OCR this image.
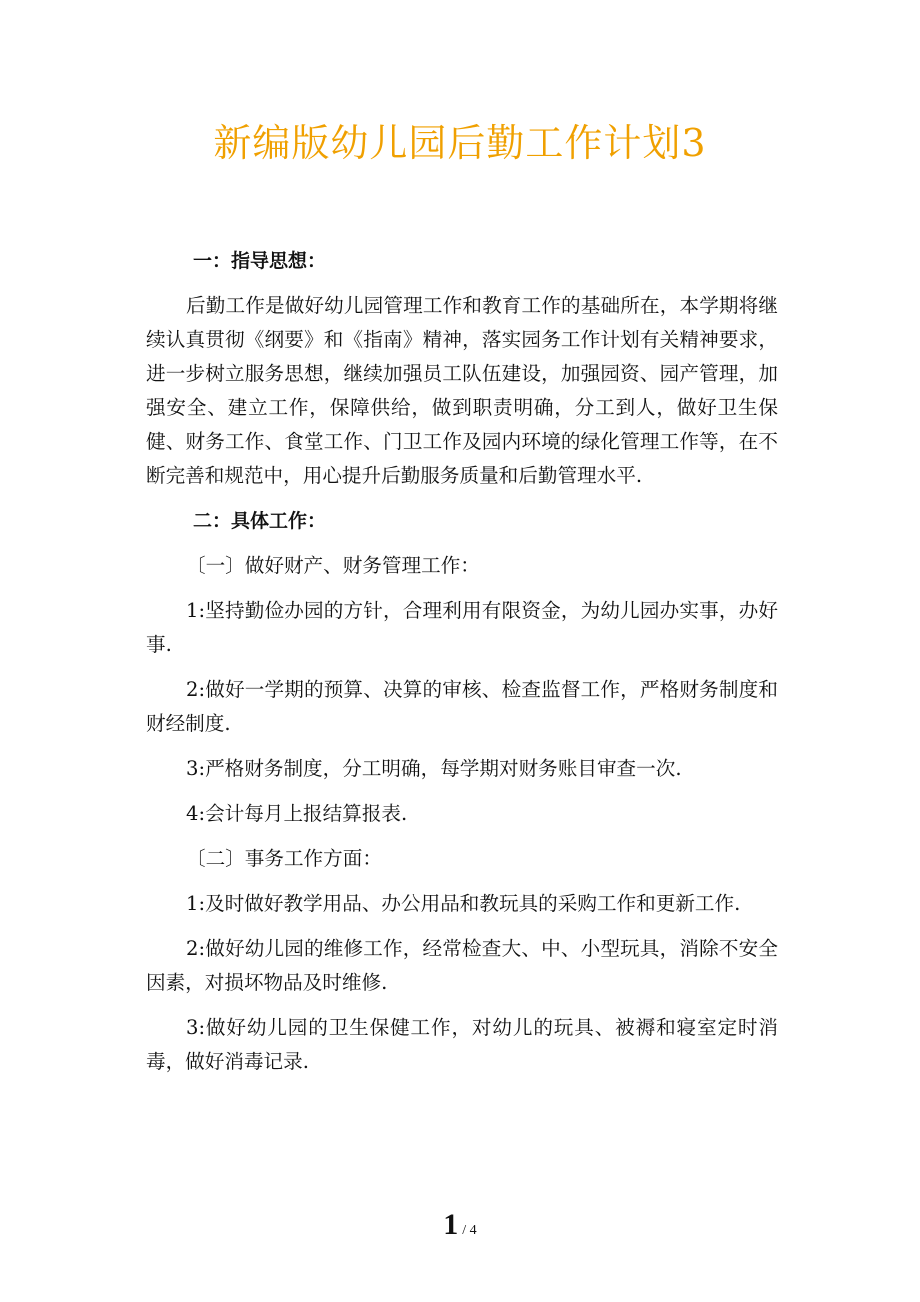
新编版幼儿园后勤工作计划3
一：指导思想：

后勤工作是做好幼儿园管理工作和教育工作的基础所在，本学期将继续认真贯彻《纲要》和《指南》精神，落实园务工作计划有关精神要求，进一步树立服务思想，继续加强员工队伍建设，加强园资、园产管理，加强安全、建立工作，保障供给，做到职责明确，分工到人，做好卫生保健、财务工作、食堂工作、门卫工作及园内环境的绿化管理工作等，在不断完善和规范中，用心提升后勤服务质量和后勤管理水平.

二：具体工作：

〔一〕做好财产、财务管理工作：

1:坚持勤俭办园的方针，合理利用有限资金，为幼儿园办实事，办好事.

2:做好一学期的预算、决算的审核、检查监督工作，严格财务制度和财经制度.

3:严格财务制度，分工明确，每学期对财务账目审查一次.

4:会计每月上报结算报表.

〔二〕事务工作方面：

1:及时做好教学用品、办公用品和教玩具的采购工作和更新工作.

2:做好幼儿园的维修工作，经常检查大、中、小型玩具，消除不安全因素，对损坏物品及时维修.

3:做好幼儿园的卫生保健工作，对幼儿的玩具、被褥和寝室定时消毒，做好消毒记录.

1 / 4
